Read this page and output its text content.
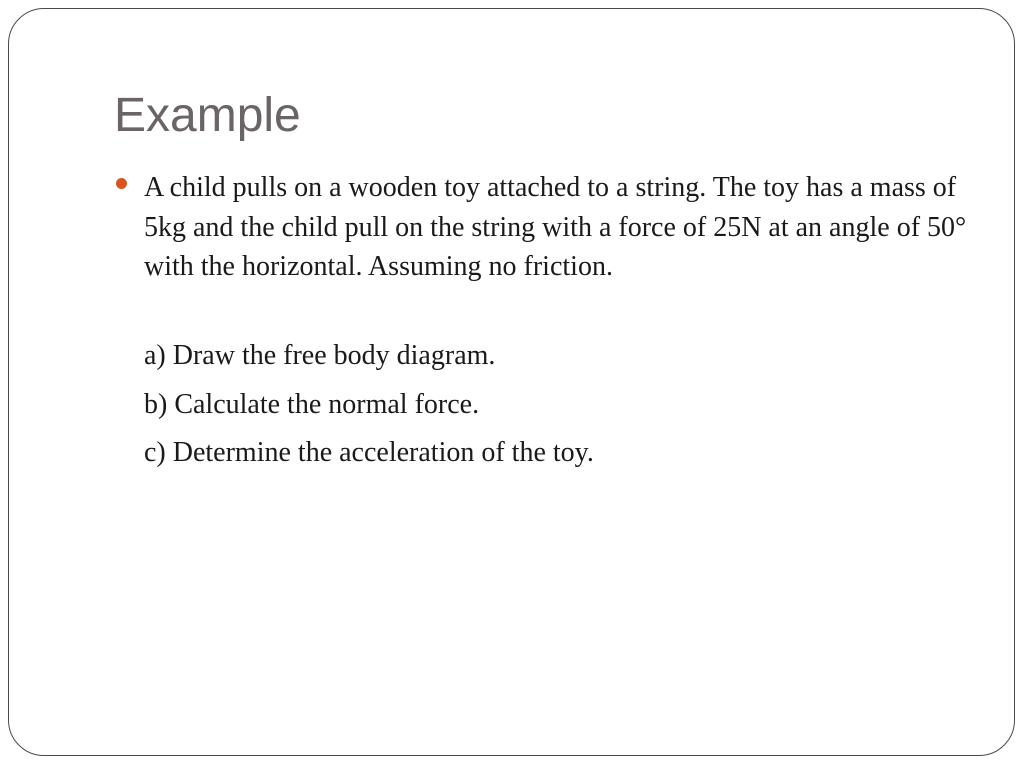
Example

A child pulls on a wooden toy attached to a string. The toy has a mass of 5kg and the child pull on the string with a force of 25N at an angle of 50° with the horizontal. Assuming no friction.

a) Draw the free body diagram.

b) Calculate the normal force.

c) Determine the acceleration of the toy.
